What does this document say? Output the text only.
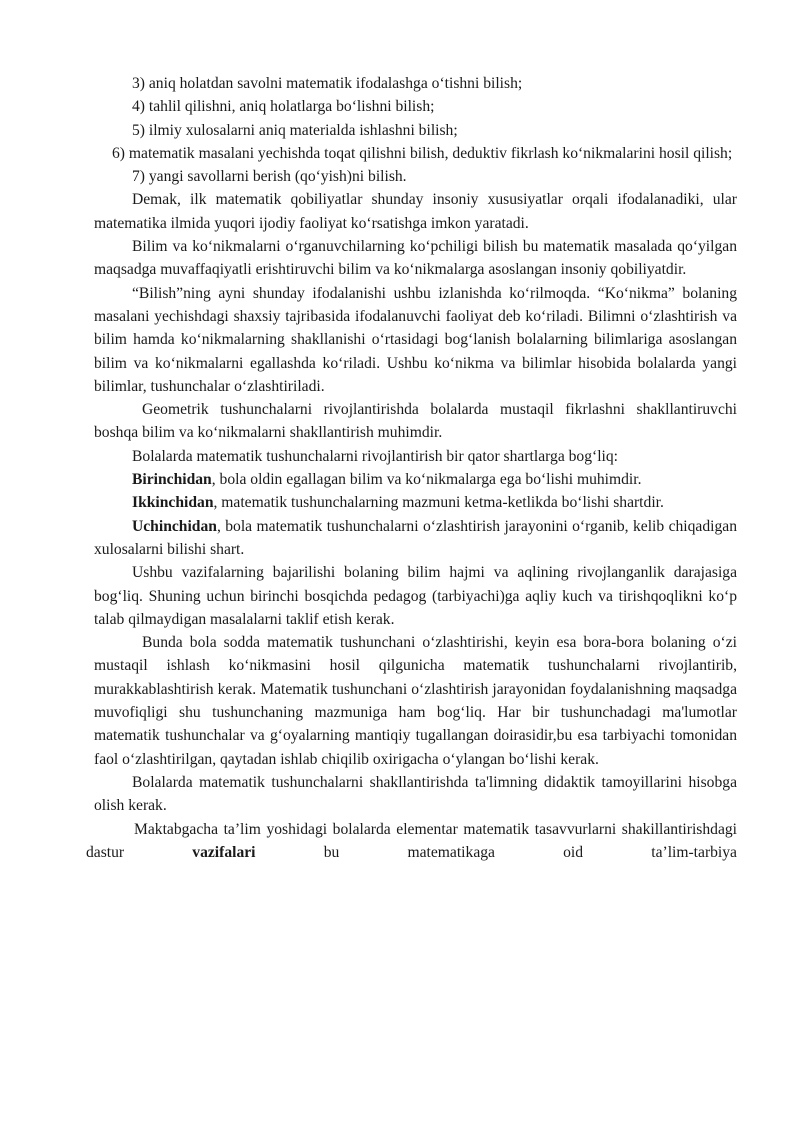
3) aniq holatdan savolni matematik ifodalashga o‘tishni bilish;

4) tahlil qilishni, aniq holatlarga bo‘lishni bilish;

5) ilmiy xulosalarni aniq materialda ishlashni bilish;

6) matematik masalani yechishda toqat qilishni bilish, deduktiv fikrlash ko‘nikmalarini hosil qilish;

7) yangi savollarni berish (qo‘yish)ni bilish.

Demak, ilk matematik qobiliyatlar shunday insoniy xususiyatlar orqali ifodalanadiki, ular matematika ilmida yuqori ijodiy faoliyat ko‘rsatishga imkon yaratadi.

Bilim va ko‘nikmalarni o‘rganuvchilarning ko‘pchiligi bilish bu matematik masalada qo‘yilgan maqsadga muvaffaqiyatli erishtiruvchi bilim va ko‘nikmalarga asoslangan insoniy qobiliyatdir.

“Bilish”ning ayni shunday ifodalanishi ushbu izlanishda ko‘rilmoqda. “Ko‘nikma” bolaning masalani yechishdagi shaxsiy tajribasida ifodalanuvchi faoliyat deb ko‘riladi. Bilimni o‘zlashtirish va bilim hamda ko‘nikmalarning shakllanishi o‘rtasidagi bog‘lanish bolalarning bilimlariga asoslangan bilim va ko‘nikmalarni egallashda ko‘riladi. Ushbu ko‘nikma va bilimlar hisobida bolalarda yangi bilimlar, tushunchalar o‘zlashtiriladi.

Geometrik tushunchalarni rivojlantirishda bolalarda mustaqil fikrlashni shakllantiruvchi boshqa bilim va ko‘nikmalarni shakllantirish muhimdir.

Bolalarda matematik tushunchalarni rivojlantirish bir qator shartlarga bog‘liq:

Birinchidan, bola oldin egallagan bilim va ko‘nikmalarga ega bo‘lishi muhimdir.

Ikkinchidan, matematik tushunchalarning mazmuni ketma-ketlikda bo‘lishi shartdir.

Uchinchidan, bola matematik tushunchalarni o‘zlashtirish jarayonini o‘rganib, kelib chiqadigan xulosalarni bilishi shart.

Ushbu vazifalarning bajarilishi bolaning bilim hajmi va aqlining rivojlanganlik darajasiga bog‘liq. Shuning uchun birinchi bosqichda pedagog (tarbiyachi)ga aqliy kuch va tirishqoqlikni ko‘p talab qilmaydigan masalalarni taklif etish kerak.

Bunda bola sodda matematik tushunchani o‘zlashtirishi, keyin esa bora-bora bolaning o‘zi mustaqil ishlash ko‘nikmasini hosil qilgunicha matematik tushunchalarni rivojlantirib, murakkablashtirish kerak. Matematik tushunchani o‘zlashtirish jarayonidan foydalanishning maqsadga muvofiqligi shu tushunchaning mazmuniga ham bog‘liq. Har bir tushunchadagi ma'lumotlar matematik tushunchalar va g‘oyalarning mantiqiy tugallangan doirasidir,bu esa tarbiyachi tomonidan faol o‘zlashtirilgan, qaytadan ishlab chiqilib oxirigacha o‘ylangan bo‘lishi kerak.

Bolalarda matematik tushunchalarni shakllantirishda ta'limning didaktik tamoyillarini hisobga olish kerak.

Maktabgacha ta’lim yoshidagi bolalarda elementar matematik tasavvurlarni shakillantirishdagi dastur vazifalari bu matematikaga oid ta’lim-tarbiya
